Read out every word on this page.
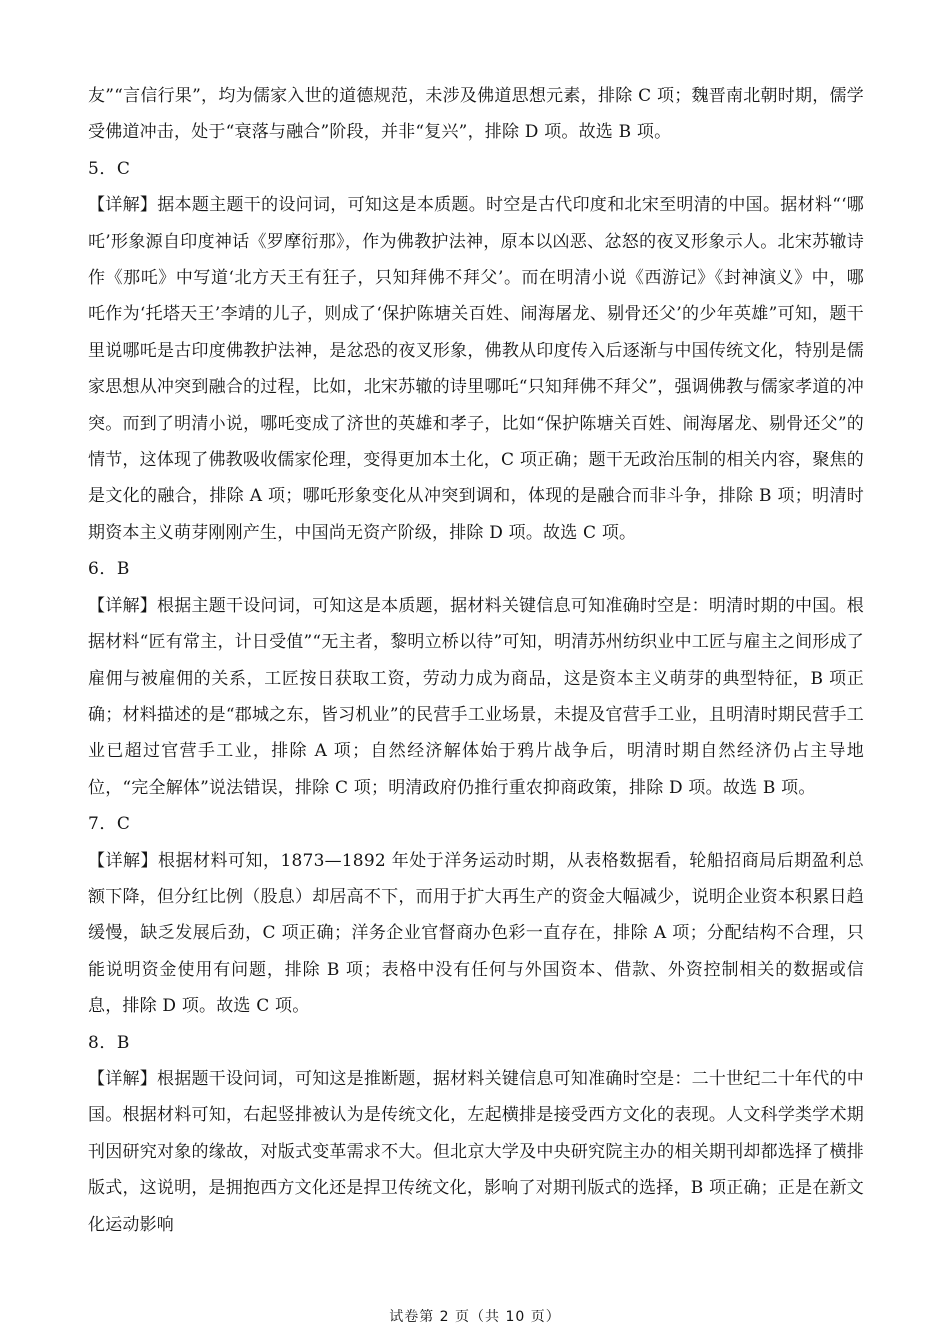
友”“言信行果”，均为儒家入世的道德规范，未涉及佛道思想元素，排除 C 项；魏晋南北朝时期，儒学受佛道冲击，处于“衰落与融合”阶段，并非“复兴”，排除 D 项。故选 B 项。

5．C

【详解】据本题主题干的设问词，可知这是本质题。时空是古代印度和北宋至明清的中国。据材料“‘哪吒’形象源自印度神话《罗摩衍那》，作为佛教护法神，原本以凶恶、忿怒的夜叉形象示人。北宋苏辙诗作《那吒》中写道‘北方天王有狂子，只知拜佛不拜父’。而在明清小说《西游记》《封神演义》中，哪吒作为‘托塔天王’李靖的儿子，则成了‘保护陈塘关百姓、闹海屠龙、剔骨还父’的少年英雄”可知，题干里说哪吒是古印度佛教护法神，是忿恐的夜叉形象，佛教从印度传入后逐渐与中国传统文化，特别是儒家思想从冲突到融合的过程，比如，北宋苏辙的诗里哪吒“只知拜佛不拜父”，强调佛教与儒家孝道的冲突。而到了明清小说，哪吒变成了济世的英雄和孝子，比如“保护陈塘关百姓、闹海屠龙、剔骨还父”的情节，这体现了佛教吸收儒家伦理，变得更加本土化，C 项正确；题干无政治压制的相关内容，聚焦的是文化的融合，排除 A 项；哪吒形象变化从冲突到调和，体现的是融合而非斗争，排除 B 项；明清时期资本主义萌芽刚刚产生，中国尚无资产阶级，排除 D 项。故选 C 项。

6．B

【详解】根据主题干设问词，可知这是本质题，据材料关键信息可知准确时空是：明清时期的中国。根据材料“匠有常主，计日受值”“无主者，黎明立桥以待”可知，明清苏州纺织业中工匠与雇主之间形成了雇佣与被雇佣的关系，工匠按日获取工资，劳动力成为商品，这是资本主义萌芽的典型特征，B 项正确；材料描述的是“郡城之东，皆习机业”的民营手工业场景，未提及官营手工业，且明清时期民营手工业已超过官营手工业，排除 A 项；自然经济解体始于鸦片战争后，明清时期自然经济仍占主导地位，“完全解体”说法错误，排除 C 项；明清政府仍推行重农抑商政策，排除 D 项。故选 B 项。

7．C

【详解】根据材料可知，1873—1892 年处于洋务运动时期，从表格数据看，轮船招商局后期盈利总额下降，但分红比例（股息）却居高不下，而用于扩大再生产的资金大幅减少，说明企业资本积累日趋缓慢，缺乏发展后劲，C 项正确；洋务企业官督商办色彩一直存在，排除 A 项；分配结构不合理，只能说明资金使用有问题，排除 B 项；表格中没有任何与外国资本、借款、外资控制相关的数据或信息，排除 D 项。故选 C 项。

8．B

【详解】根据题干设问词，可知这是推断题，据材料关键信息可知准确时空是：二十世纪二十年代的中国。根据材料可知，右起竖排被认为是传统文化，左起横排是接受西方文化的表现。人文科学类学术期刊因研究对象的缘故，对版式变革需求不大。但北京大学及中央研究院主办的相关期刊却都选择了横排版式，这说明，是拥抱西方文化还是捍卫传统文化，影响了对期刊版式的选择，B 项正确；正是在新文化运动影响

试卷第 2 页（共 10 页）
